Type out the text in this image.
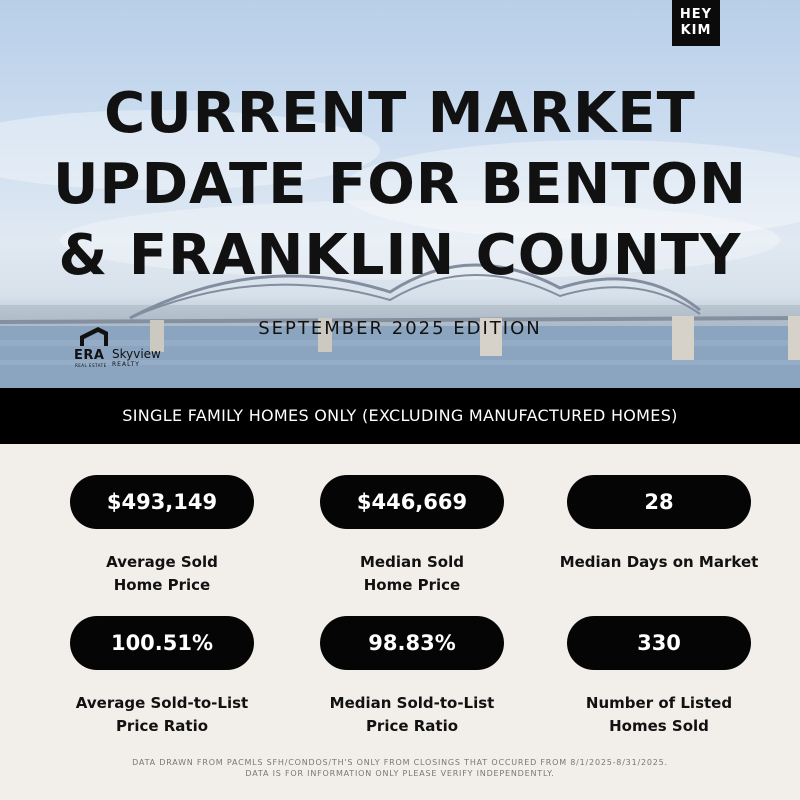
HEY
KIM
CURRENT MARKET
UPDATE FOR BENTON
& FRANKLIN COUNTY
SEPTEMBER 2025 EDITION
ERA
REAL ESTATE
Skyview
REALTY
SINGLE FAMILY HOMES ONLY (EXCLUDING MANUFACTURED HOMES)
$493,149
Average Sold
Home Price
$446,669
Median Sold
Home Price
28
Median Days on Market
100.51%
Average Sold-to-List
Price Ratio
98.83%
Median Sold-to-List
Price Ratio
330
Number of Listed
Homes Sold
DATA DRAWN FROM PACMLS SFH/CONDOS/TH'S ONLY FROM CLOSINGS THAT OCCURED FROM 8/1/2025-8/31/2025.
DATA IS FOR INFORMATION ONLY PLEASE VERIFY INDEPENDENTLY.
